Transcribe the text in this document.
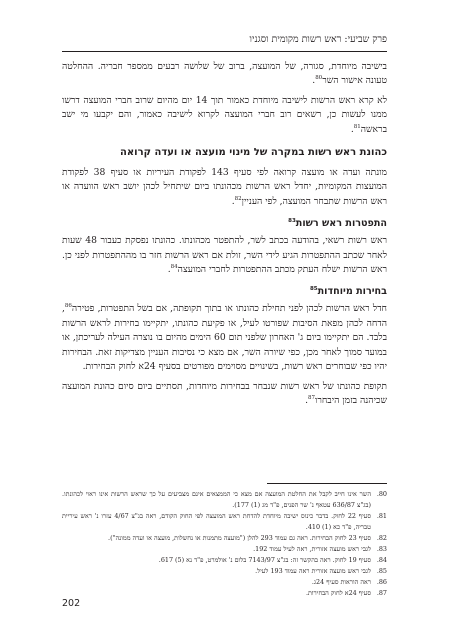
פרק שביעי: ראש רשות מקומית וסגניו

בישיבה מיוחדת, סגורה, של המועצה, ברוב של שלושה רבעים ממספר חבריה. ההחלטה טעונה אישור השר$^{80}$.

לא קרא ראש הרשות לישיבה מיוחדת כאמור תוך 14 יום מהיום שרוב חברי המועצה דרשו ממנו לעשות כן, רשאים רוב חברי המועצה לקרוא לישיבה כאמור, והם יקבעו מי ישב בראשה$^{81}$.

כהונת ראש רשות במקרה של מינוי מועצה או ועדה קרואה

מונתה ועדה או מועצה קרואה לפי סעיף 143 לפקודת העיריות או סעיף 38 לפקודת המועצות המקומיות, יחדל ראש הרשות מכהונתו ביום שיתחיל לכהן יושב ראש הוועדה או ראש הרשות שתבחר המועצה, לפי העניין$^{82}$.

התפטרות ראש רשות$^{83}$

ראש רשות רשאי, בהודעה בכתב לשר, להתפטר מכהונתו. כהונתו נפסקת כעבור 48 שעות לאחר שכתב ההתפטרות הגיע לידי השר, זולת אם ראש הרשות חזר בו מההתפטרות לפני כן. ראש הרשות ישלח העתק מכתב ההתפטרות לחברי המועצה$^{84}$.

בחירות מיוחדות$^{85}$

חדל ראש הרשות לכהן לפני תחילת כהונתו או בתוך תקופתה, אם בשל התפטרות, פטירה$^{86}$, הדחה לכהן מפאת הסיבות שפורטו לעיל, או פקיעת כהונתו, יתקיימו בחירות לראש הרשות בלבד. הם יתקיימו ביום ג' האחרון שלפני תום 60 הימים מהיום בו נוצרה העילה לעריכתן, או במועד סמוך לאחר מכן, כפי שיורה השר, אם מצא כי נסיבות העניין מצדיקות זאת. הבחירות יהיו כפי שבוחרים ראש רשות, בשינויים מסוימים מפורטים בסעיף 24א לחוק הבחירות.

תקופת כהונתו של ראש רשות שנבחר בבחירות מיוחדות, תסתיים ביום סיום כהונת המועצה שכיהנה בזמן היבחרו$^{87}$.

80.
השר אינו חייב לקבל את החלטת המועצה אם מצא כי הממצאים אינם מצביעים על כך שראש הרשות אינו ראוי לכהונתו. (בג"צ 636/87 עטאף נ' שר הפנים, פ"ד מג (1) 177).
81.
סעיף 22 לחוק. בדבר כינוס ישיבה מיוחדת להדחת ראש המועצה לפי החוק הקודם, ראה בג"צ 4/67 עזרו נ' ראש עיריית טבריה, פ"ד כא (1) 410.
82.
סעיף 23 לחוק הבחירות. ראה גם עמוד 293 להלן ("מועצה מתמנות או נחשלות, מועצה או ועדה ממונה").
83.
לגבי ראש מועצה אזורית, ראה לעיל עמוד 192.
84.
סעיף 19 לחוק. ראה בהקשר זה: בג"צ 7143/97 בלום נ' אולמרט, פ"ד נא (5) 617.
85.
לגבי ראש מועצה אזורית ראה עמוד 193 לעיל.
86.
ראה הוראות סעיף 24ג.
87.
סעיף 24א לחוק הבחירות.
202
